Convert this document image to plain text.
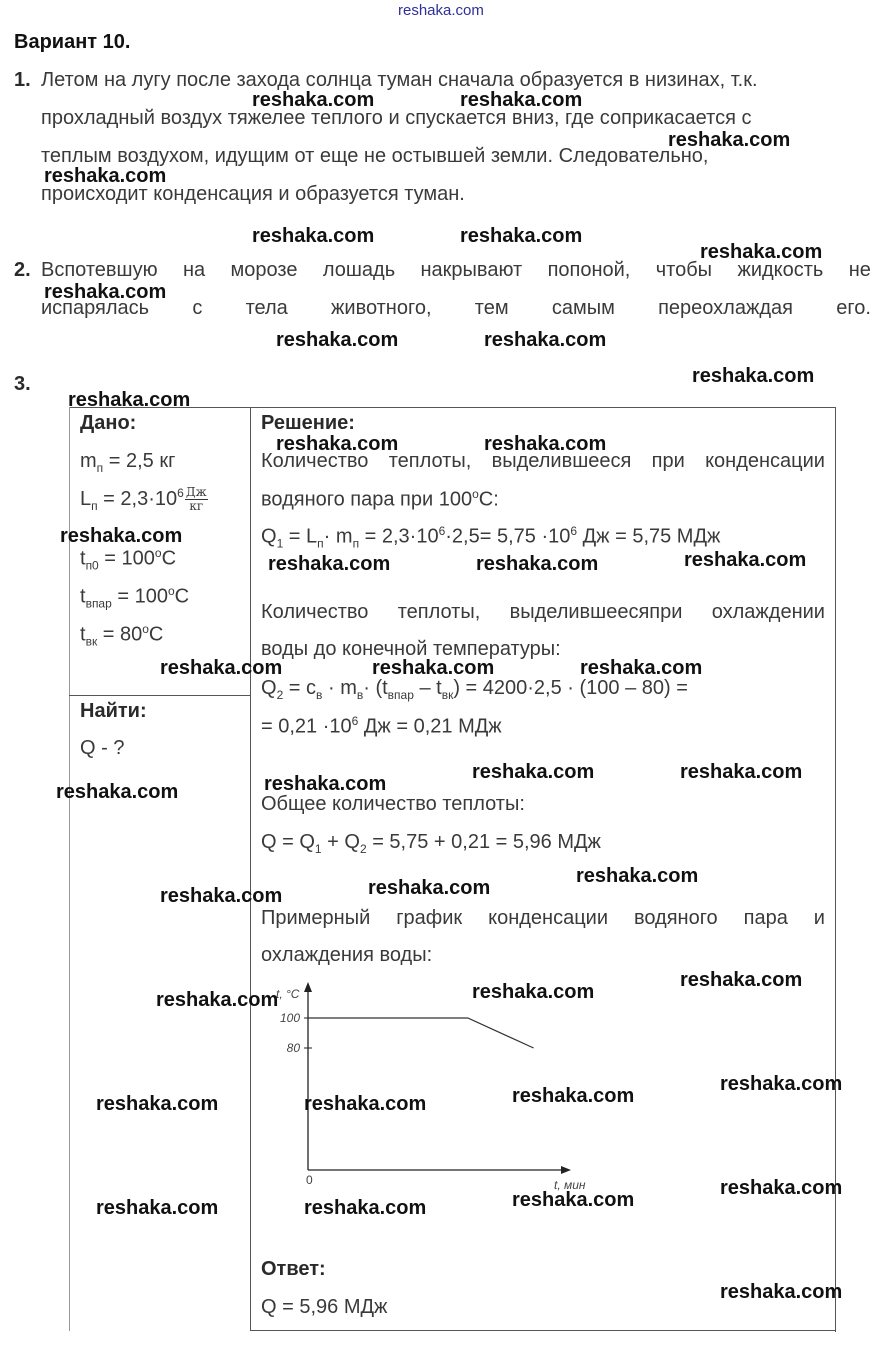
reshaka.com
Вариант 10.
1. Летом на лугу после захода солнца туман сначала образуется в низинах, т.к.
прохладный воздух тяжелее теплого и спускается вниз, где соприкасается с
теплым воздухом, идущим от еще не остывшей земли. Следовательно,
происходит конденсация и образуется туман.
2. Вспотевшую на морозе лошадь накрывают попоной, чтобы жидкость не
испарялась с тела животного, тем самым переохлаждая его.
3.
Дано:
$m_п = 2,5$ кг
$L_п = 2,3\cdot 10^6 \frac{Дж}{кг}$
$t_{п0} = 100^oC$
$t_{впар} = 100^oC$
$t_{вк} = 80^oC$
Найти:
Q - ?
Решение:
Количество теплоты, выделившееся при конденсации
водяного пара при 100$^o$C:
$Q_1 = L_п\cdot m_п = 2,3\cdot 10^6\cdot 2,5= 5,75 \cdot 10^6$ Дж = 5,75 МДж
Количество теплоты, выделившеесяпри охлаждении
воды до конечной температуры:
$Q_2 = c_в \cdot m_в\cdot (t_{впар} - t_{вк}) = 4200\cdot 2,5 \cdot (100 - 80)$ =
= $0,21 \cdot 10^6$ Дж = 0,21 МДж
Общее количество теплоты:
$Q = Q_1 + Q_2 = 5,75 + 0,21 = 5,96$ МДж
Примерный график конденсации водяного пара и
охлаждения воды:
t, °C
t, мин
0
100
80
Ответ:
Q = 5,96 МДж
reshaka.com	reshaka.com
reshaka.com
reshaka.com
reshaka.com	reshaka.com
reshaka.com
reshaka.com
reshaka.com	reshaka.com
reshaka.com
reshaka.com
reshaka.com	reshaka.com
reshaka.com
reshaka.com	reshaka.com	reshaka.com
reshaka.com	reshaka.com	reshaka.com
reshaka.com
reshaka.com	reshaka.com
reshaka.com
reshaka.com	reshaka.com
reshaka.com
reshaka.com	reshaka.com
reshaka.com
reshaka.com	reshaka.com	reshaka.com
reshaka.com
reshaka.com	reshaka.com	reshaka.com
reshaka.com
reshaka.com
